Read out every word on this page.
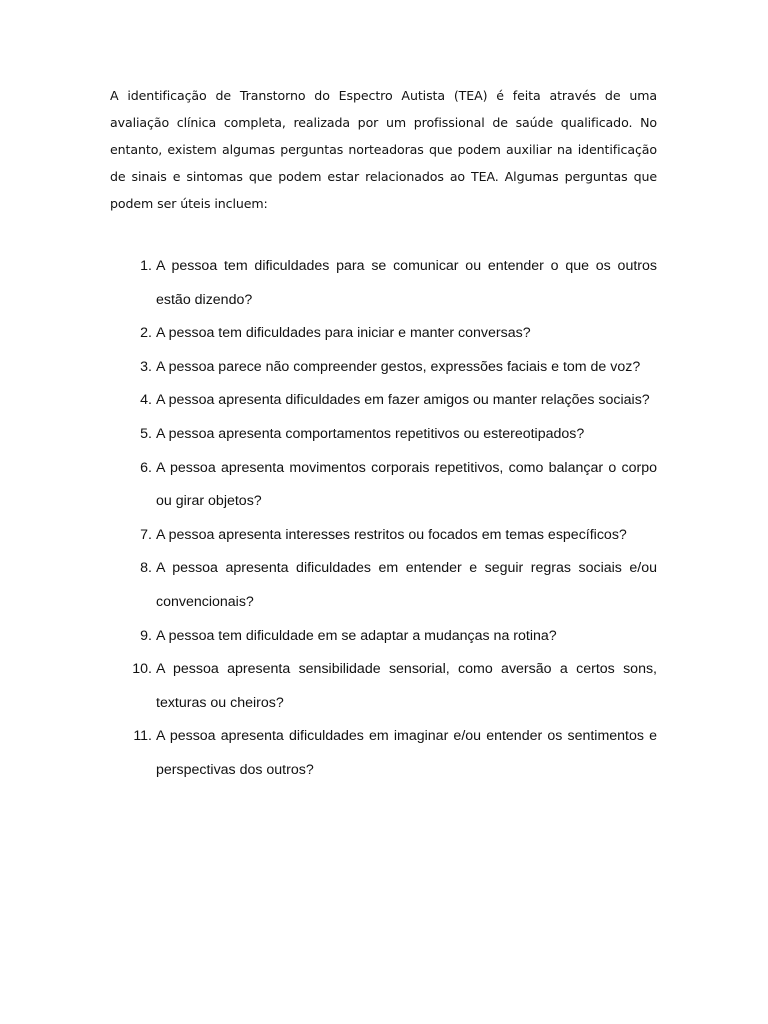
A identificação de Transtorno do Espectro Autista (TEA) é feita através de uma avaliação clínica completa, realizada por um profissional de saúde qualificado. No entanto, existem algumas perguntas norteadoras que podem auxiliar na identificação de sinais e sintomas que podem estar relacionados ao TEA. Algumas perguntas que podem ser úteis incluem:

1. A pessoa tem dificuldades para se comunicar ou entender o que os outros estão dizendo?
2. A pessoa tem dificuldades para iniciar e manter conversas?
3. A pessoa parece não compreender gestos, expressões faciais e tom de voz?
4. A pessoa apresenta dificuldades em fazer amigos ou manter relações sociais?
5. A pessoa apresenta comportamentos repetitivos ou estereotipados?
6. A pessoa apresenta movimentos corporais repetitivos, como balançar o corpo ou girar objetos?
7. A pessoa apresenta interesses restritos ou focados em temas específicos?
8. A pessoa apresenta dificuldades em entender e seguir regras sociais e/ou convencionais?
9. A pessoa tem dificuldade em se adaptar a mudanças na rotina?
10. A pessoa apresenta sensibilidade sensorial, como aversão a certos sons, texturas ou cheiros?
11. A pessoa apresenta dificuldades em imaginar e/ou entender os sentimentos e perspectivas dos outros?
